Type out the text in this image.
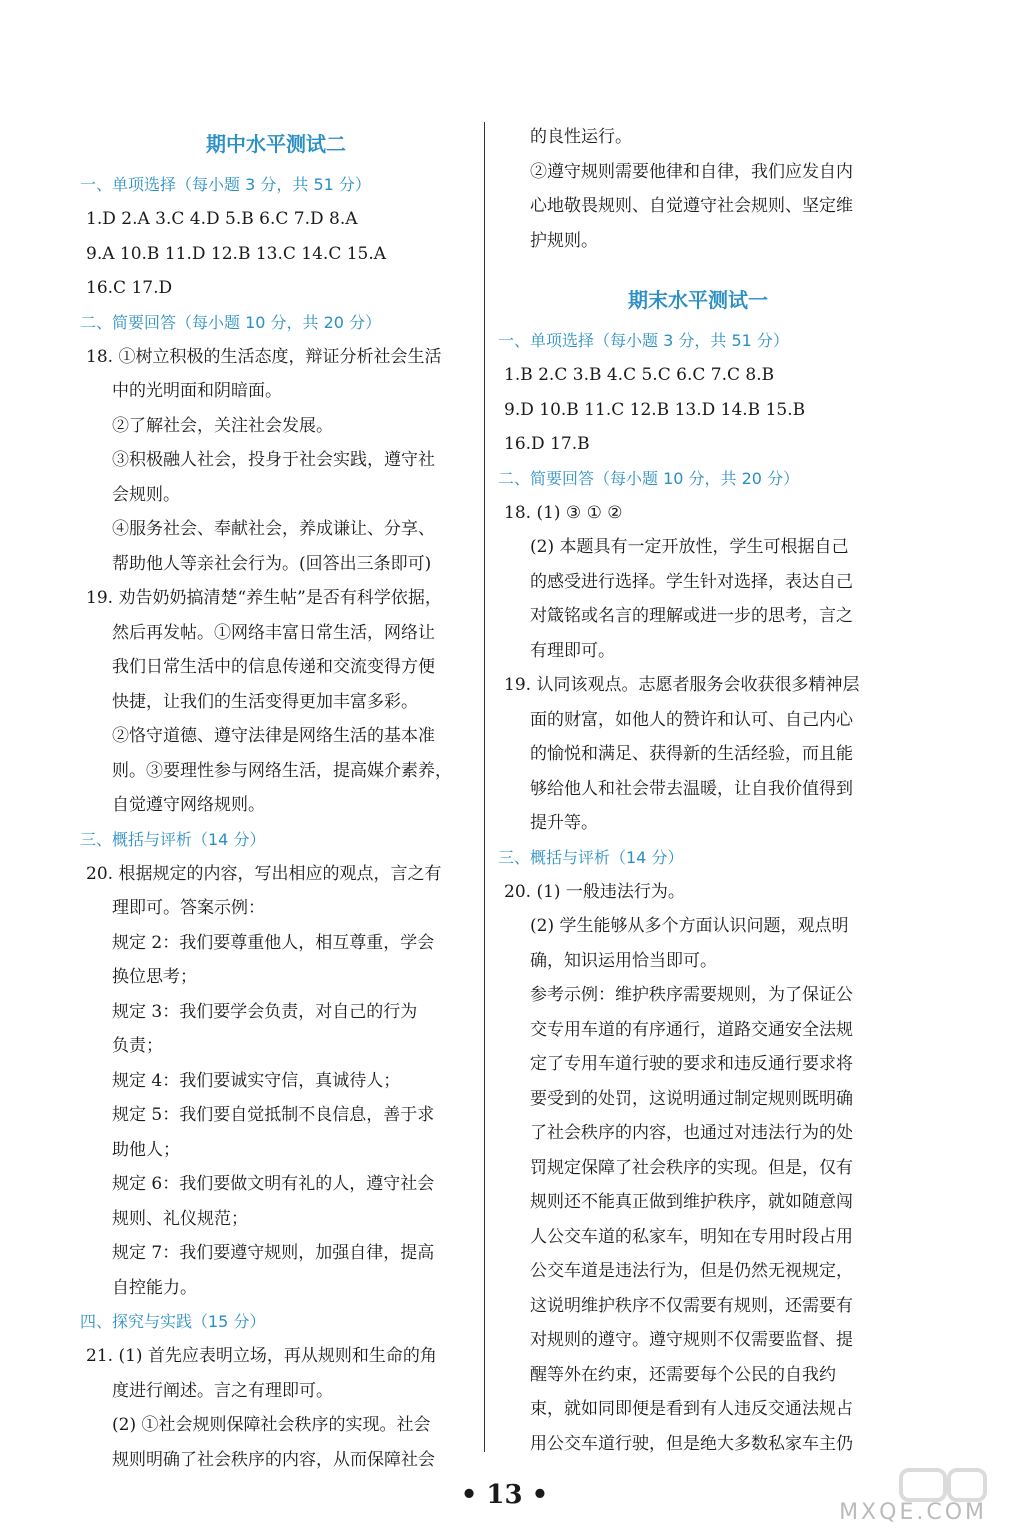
期中水平测试二
一、单项选择（每小题 3 分，共 51 分）
1.D 2.A 3.C 4.D 5.B 6.C 7.D 8.A
9.A 10.B 11.D 12.B 13.C 14.C 15.A
16.C 17.D
二、简要回答（每小题 10 分，共 20 分）
18. ①树立积极的生活态度，辩证分析社会生活
中的光明面和阴暗面。
②了解社会，关注社会发展。
③积极融人社会，投身于社会实践，遵守社
会规则。
④服务社会、奉献社会，养成谦让、分享、
帮助他人等亲社会行为。(回答出三条即可)
19. 劝告奶奶搞清楚“养生帖”是否有科学依据，
然后再发帖。①网络丰富日常生活，网络让
我们日常生活中的信息传递和交流变得方便
快捷，让我们的生活变得更加丰富多彩。
②恪守道德、遵守法律是网络生活的基本准
则。③要理性参与网络生活，提高媒介素养，
自觉遵守网络规则。
三、概括与评析（14 分）
20. 根据规定的内容，写出相应的观点，言之有
理即可。答案示例：
规定 2：我们要尊重他人，相互尊重，学会
换位思考；
规定 3：我们要学会负责，对自己的行为
负责；
规定 4：我们要诚实守信，真诚待人；
规定 5：我们要自觉抵制不良信息，善于求
助他人；
规定 6：我们要做文明有礼的人，遵守社会
规则、礼仪规范；
规定 7：我们要遵守规则，加强自律，提高
自控能力。
四、探究与实践（15 分）
21. (1) 首先应表明立场，再从规则和生命的角
度进行阐述。言之有理即可。
(2) ①社会规则保障社会秩序的实现。社会
规则明确了社会秩序的内容，从而保障社会
的良性运行。
②遵守规则需要他律和自律，我们应发自内
心地敬畏规则、自觉遵守社会规则、坚定维
护规则。
期末水平测试一
一、单项选择（每小题 3 分，共 51 分）
1.B 2.C 3.B 4.C 5.C 6.C 7.C 8.B
9.D 10.B 11.C 12.B 13.D 14.B 15.B
16.D 17.B
二、简要回答（每小题 10 分，共 20 分）
18. (1) ③ ① ②
(2) 本题具有一定开放性，学生可根据自己
的感受进行选择。学生针对选择，表达自己
对箴铭或名言的理解或进一步的思考，言之
有理即可。
19. 认同该观点。志愿者服务会收获很多精神层
面的财富，如他人的赞许和认可、自己内心
的愉悦和满足、获得新的生活经验，而且能
够给他人和社会带去温暖，让自我价值得到
提升等。
三、概括与评析（14 分）
20. (1) 一般违法行为。
(2) 学生能够从多个方面认识问题，观点明
确，知识运用恰当即可。
参考示例：维护秩序需要规则，为了保证公
交专用车道的有序通行，道路交通安全法规
定了专用车道行驶的要求和违反通行要求将
要受到的处罚，这说明通过制定规则既明确
了社会秩序的内容，也通过对违法行为的处
罚规定保障了社会秩序的实现。但是，仅有
规则还不能真正做到维护秩序，就如随意闯
人公交车道的私家车，明知在专用时段占用
公交车道是违法行为，但是仍然无视规定，
这说明维护秩序不仅需要有规则，还需要有
对规则的遵守。遵守规则不仅需要监督、提
醒等外在约束，还需要每个公民的自我约
束，就如同即便是看到有人违反交通法规占
用公交车道行驶，但是绝大多数私家车主仍
• 13 •
MXQE.COM
